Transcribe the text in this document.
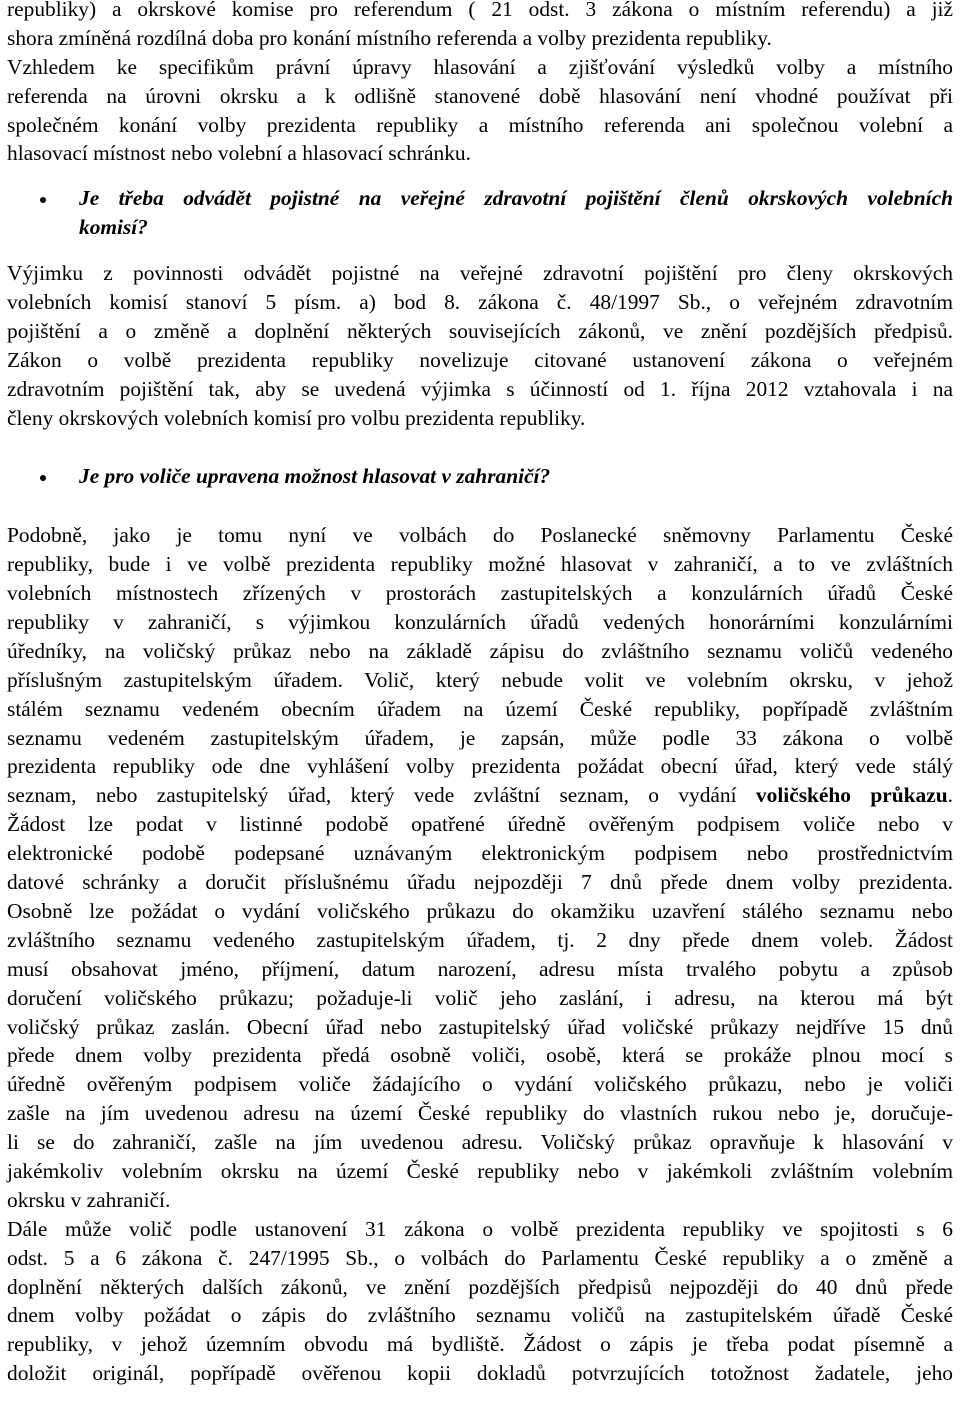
republiky) a okrskové komise pro referendum ( 21 odst. 3 zákona o místním referendu) a již
shora zmíněná rozdílná doba pro konání místního referenda a volby prezidenta republiky.
Vzhledem ke specifikům právní úpravy hlasování a zjišťování výsledků volby a místního
referenda na úrovni okrsku a k odlišně stanovené době hlasování není vhodné používat při
společném konání volby prezidenta republiky a místního referenda ani společnou volební a
hlasovací místnost nebo volební a hlasovací schránku.
Je třeba odvádět pojistné na veřejné zdravotní pojištění členů okrskových volebních
komisí?
Výjimku z povinnosti odvádět pojistné na veřejné zdravotní pojištění pro členy okrskových
volebních komisí stanoví 5 písm. a) bod 8. zákona č. 48/1997 Sb., o veřejném zdravotním
pojištění a o změně a doplnění některých souvisejících zákonů, ve znění pozdějších předpisů.
Zákon o volbě prezidenta republiky novelizuje citované ustanovení zákona o veřejném
zdravotním pojištění tak, aby se uvedená výjimka s účinností od 1. října 2012 vztahovala i na
členy okrskových volebních komisí pro volbu prezidenta republiky.
Je pro voliče upravena možnost hlasovat v zahraničí?
Podobně, jako je tomu nyní ve volbách do Poslanecké sněmovny Parlamentu České
republiky, bude i ve volbě prezidenta republiky možné hlasovat v zahraničí, a to ve zvláštních
volebních místnostech zřízených v prostorách zastupitelských a konzulárních úřadů České
republiky v zahraničí, s výjimkou konzulárních úřadů vedených honorárními konzulárními
úředníky, na voličský průkaz nebo na základě zápisu do zvláštního seznamu voličů vedeného
příslušným zastupitelským úřadem. Volič, který nebude volit ve volebním okrsku, v jehož
stálém seznamu vedeném obecním úřadem na území České republiky, popřípadě zvláštním
seznamu vedeném zastupitelským úřadem, je zapsán, může podle 33 zákona o volbě
prezidenta republiky ode dne vyhlášení volby prezidenta požádat obecní úřad, který vede stálý
seznam, nebo zastupitelský úřad, který vede zvláštní seznam, o vydání voličského průkazu.
Žádost lze podat v listinné podobě opatřené úředně ověřeným podpisem voliče nebo v
elektronické podobě podepsané uznávaným elektronickým podpisem nebo prostřednictvím
datové schránky a doručit příslušnému úřadu nejpozději 7 dnů přede dnem volby prezidenta.
Osobně lze požádat o vydání voličského průkazu do okamžiku uzavření stálého seznamu nebo
zvláštního seznamu vedeného zastupitelským úřadem, tj. 2 dny přede dnem voleb. Žádost
musí obsahovat jméno, příjmení, datum narození, adresu místa trvalého pobytu a způsob
doručení voličského průkazu; požaduje-li volič jeho zaslání, i adresu, na kterou má být
voličský průkaz zaslán. Obecní úřad nebo zastupitelský úřad voličské průkazy nejdříve 15 dnů
přede dnem volby prezidenta předá osobně voliči, osobě, která se prokáže plnou mocí s
úředně ověřeným podpisem voliče žádajícího o vydání voličského průkazu, nebo je voliči
zašle na jím uvedenou adresu na území České republiky do vlastních rukou nebo je, doručuje-
li se do zahraničí, zašle na jím uvedenou adresu. Voličský průkaz opravňuje k hlasování v
jakémkoliv volebním okrsku na území České republiky nebo v jakémkoli zvláštním volebním
okrsku v zahraničí.
Dále může volič podle ustanovení 31 zákona o volbě prezidenta republiky ve spojitosti s 6
odst. 5 a 6 zákona č. 247/1995 Sb., o volbách do Parlamentu České republiky a o změně a
doplnění některých dalších zákonů, ve znění pozdějších předpisů nejpozději do 40 dnů přede
dnem volby požádat o zápis do zvláštního seznamu voličů na zastupitelském úřadě České
republiky, v jehož územním obvodu má bydliště. Žádost o zápis je třeba podat písemně a
doložit originál, popřípadě ověřenou kopii dokladů potvrzujících totožnost žadatele, jeho
